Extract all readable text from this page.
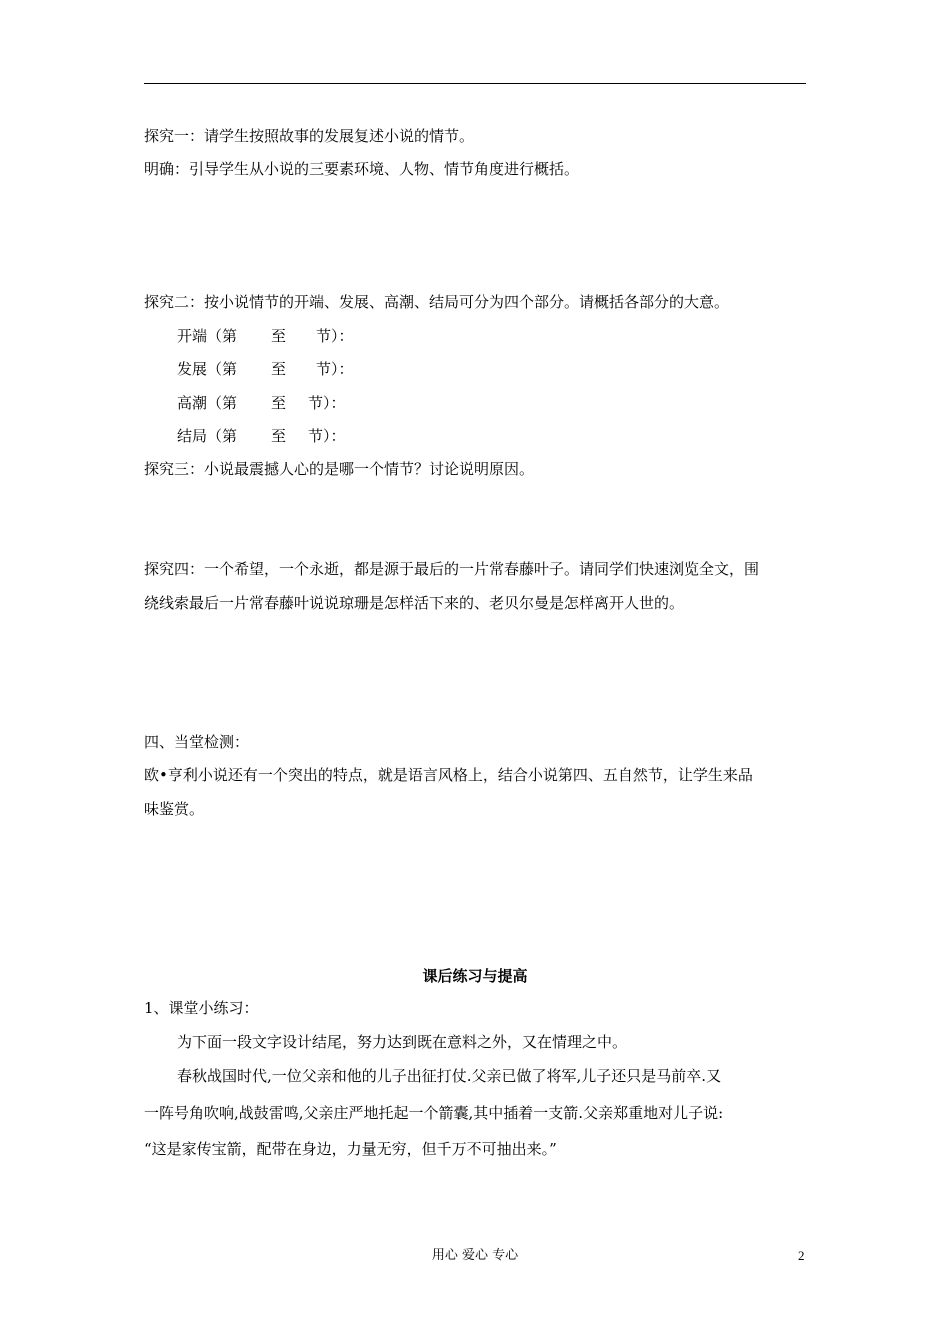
探究一：请学生按照故事的发展复述小说的情节。
明确：引导学生从小说的三要素环境、人物、情节角度进行概括。
探究二：按小说情节的开端、发展、高潮、结局可分为四个部分。请概括各部分的大意。
开端（第 至 节）：
发展（第 至 节）：
高潮（第 至 节）：
结局（第 至 节）：
探究三：小说最震撼人心的是哪一个情节？讨论说明原因。
探究四：一个希望，一个永逝，都是源于最后的一片常春藤叶子。请同学们快速浏览全文，围
绕线索最后一片常春藤叶说说琼珊是怎样活下来的、老贝尔曼是怎样离开人世的。
四、当堂检测：
欧•亨利小说还有一个突出的特点，就是语言风格上，结合小说第四、五自然节，让学生来品
味鉴赏。
课后练习与提高
1、课堂小练习：
为下面一段文字设计结尾，努力达到既在意料之外，又在情理之中。
春秋战国时代,一位父亲和他的儿子出征打仗.父亲已做了将军,儿子还只是马前卒.又
一阵号角吹响,战鼓雷鸣,父亲庄严地托起一个箭囊,其中插着一支箭.父亲郑重地对儿子说:
“这是家传宝箭，配带在身边，力量无穷，但千万不可抽出来。”
用心 爱心 专心	2
